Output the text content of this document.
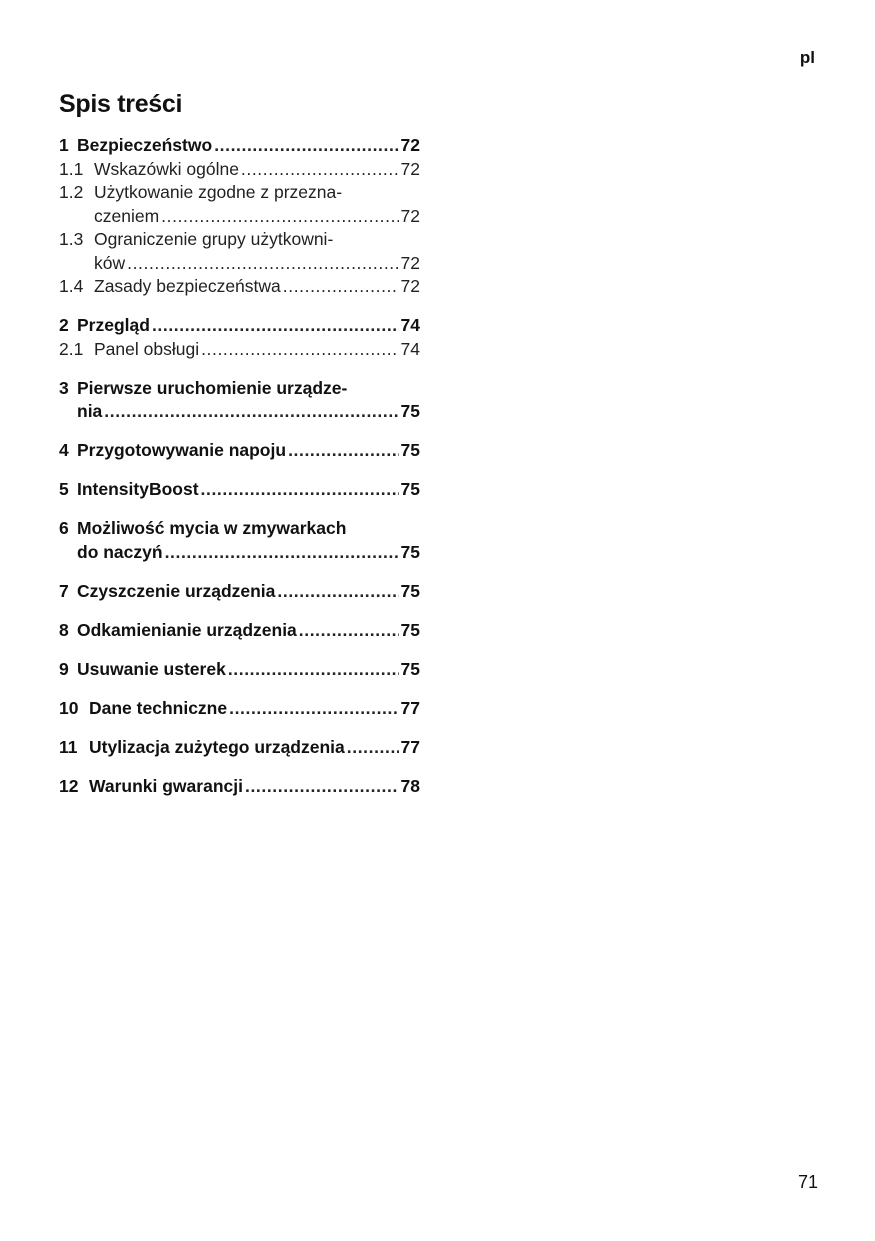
pl
Spis treści
1 Bezpieczeństwo .....	72
1.1 Wskazówki ogólne .....	72
1.2 Użytkowanie zgodne z przezna-
czeniem .....	72
1.3 Ograniczenie grupy użytkowni-
ków .....	72
1.4 Zasady bezpieczeństwa .....	72
2 Przegląd .....	74
2.1 Panel obsługi .....	74
3 Pierwsze uruchomienie urządze-
nia .....	75
4 Przygotowywanie napoju .....	75
5 IntensityBoost .....	75
6 Możliwość mycia w zmywarkach
do naczyń .....	75
7 Czyszczenie urządzenia .....	75
8 Odkamienianie urządzenia .....	75
9 Usuwanie usterek .....	75
10 Dane techniczne .....	77
11 Utylizacja zużytego urządzenia .....	77
12 Warunki gwarancji .....	78
71
